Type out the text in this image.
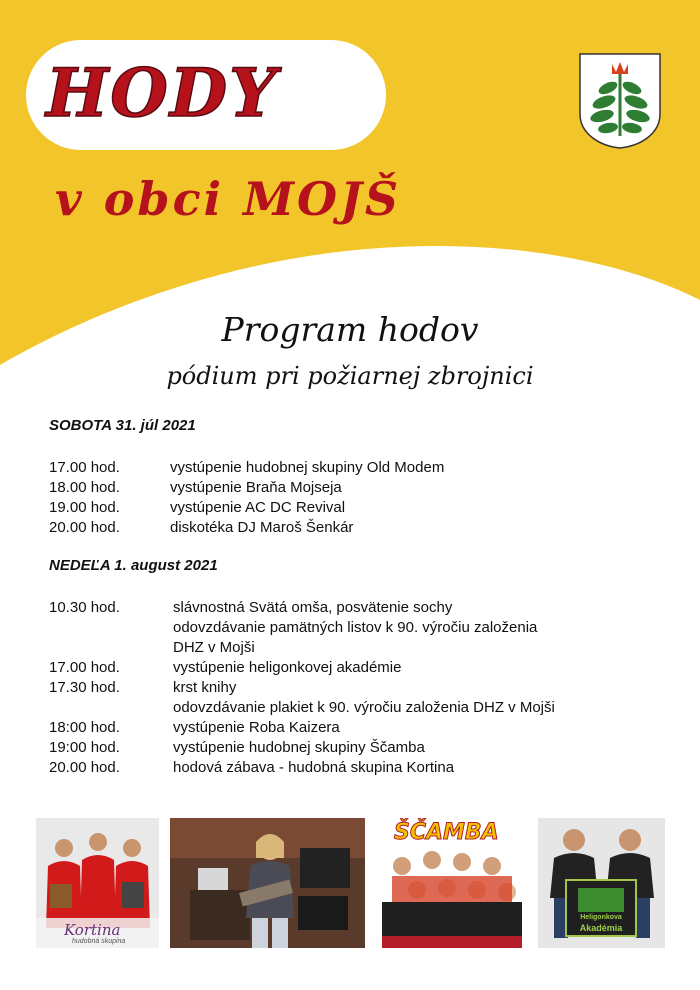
HODY
v obci MOJŠ
Program hodov
pódium pri požiarnej zbrojnici
SOBOTA 31. júl 2021
17.00 hod.	vystúpenie hudobnej skupiny Old Modem
18.00 hod.	vystúpenie Braňa Mojseja
19.00 hod.	vystúpenie AC DC Revival
20.00 hod.	diskotéka DJ Maroš Šenkár
NEDEĽA 1. august 2021
10.30 hod.	slávnostná Svätá omša, posvätenie sochy
odovzdávanie pamätných listov k 90. výročiu založenia
DHZ v Mojši
17.00 hod.	vystúpenie heligonkovej akadémie
17.30 hod.	krst knihy
odovzdávanie plakiet k 90. výročiu založenia DHZ v Mojši
18:00 hod.	vystúpenie Roba Kaizera
19:00 hod.	vystúpenie hudobnej skupiny Ščamba
20.00 hod.	hodová zábava - hudobná skupina Kortina
Kortina
hudobná skupina
ŠČAMBA
Heligonkova
Akadémia
